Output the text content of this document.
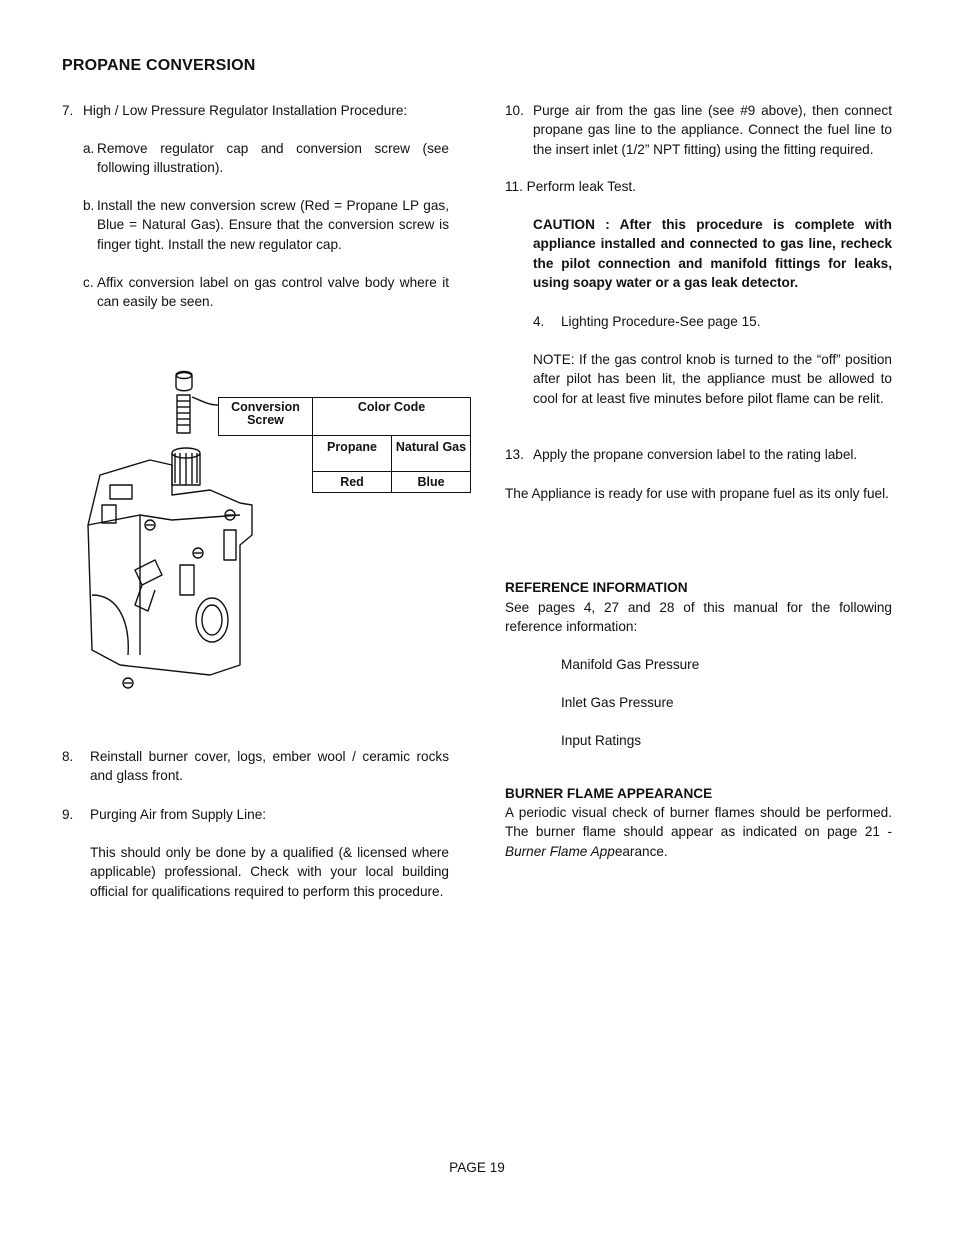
PROPANE CONVERSION
7. High / Low Pressure Regulator Installation Procedure:
a. Remove regulator cap and conversion screw (see following illustration).
b. Install the new conversion screw (Red = Propane LP gas, Blue = Natural Gas). Ensure that the conversion screw is finger tight. Install the new regulator cap.
c. Affix conversion label on gas control valve body where it can easily be seen.
Conversion Screw	Color Code	
	Propane	Natural Gas
	Red	Blue
8.	Reinstall burner cover, logs, ember wool / ceramic rocks and glass front.
9.	Purging Air from Supply Line:
This should only be done by a qualified (& licensed where applicable) professional. Check with your local building official for qualifications required to perform this procedure.
10. Purge air from the gas line (see #9 above), then connect propane gas line to the appliance. Connect the fuel line to the insert inlet (1/2” NPT fitting) using the fitting required.
11. Perform leak Test.
CAUTION : After this procedure is complete with appliance installed and connected to gas line, recheck the pilot connection and manifold fittings for leaks, using soapy water or a gas leak detector.
4.	Lighting Procedure-See page 15.
NOTE: If the gas control knob is turned to the “off” position after pilot has been lit, the appliance must be allowed to cool for at least five minutes before pilot flame can be relit.
13. Apply the propane conversion label to the rating label.
The Appliance is ready for use with propane fuel as its only fuel.
REFERENCE INFORMATION
See pages 4, 27 and 28 of this manual for the following reference information:
Manifold Gas Pressure
Inlet Gas Pressure
Input Ratings
BURNER FLAME APPEARANCE
A periodic visual check of burner flames should be performed. The burner flame should appear as indicated on page 21 - Burner Flame Appearance.
PAGE 19
